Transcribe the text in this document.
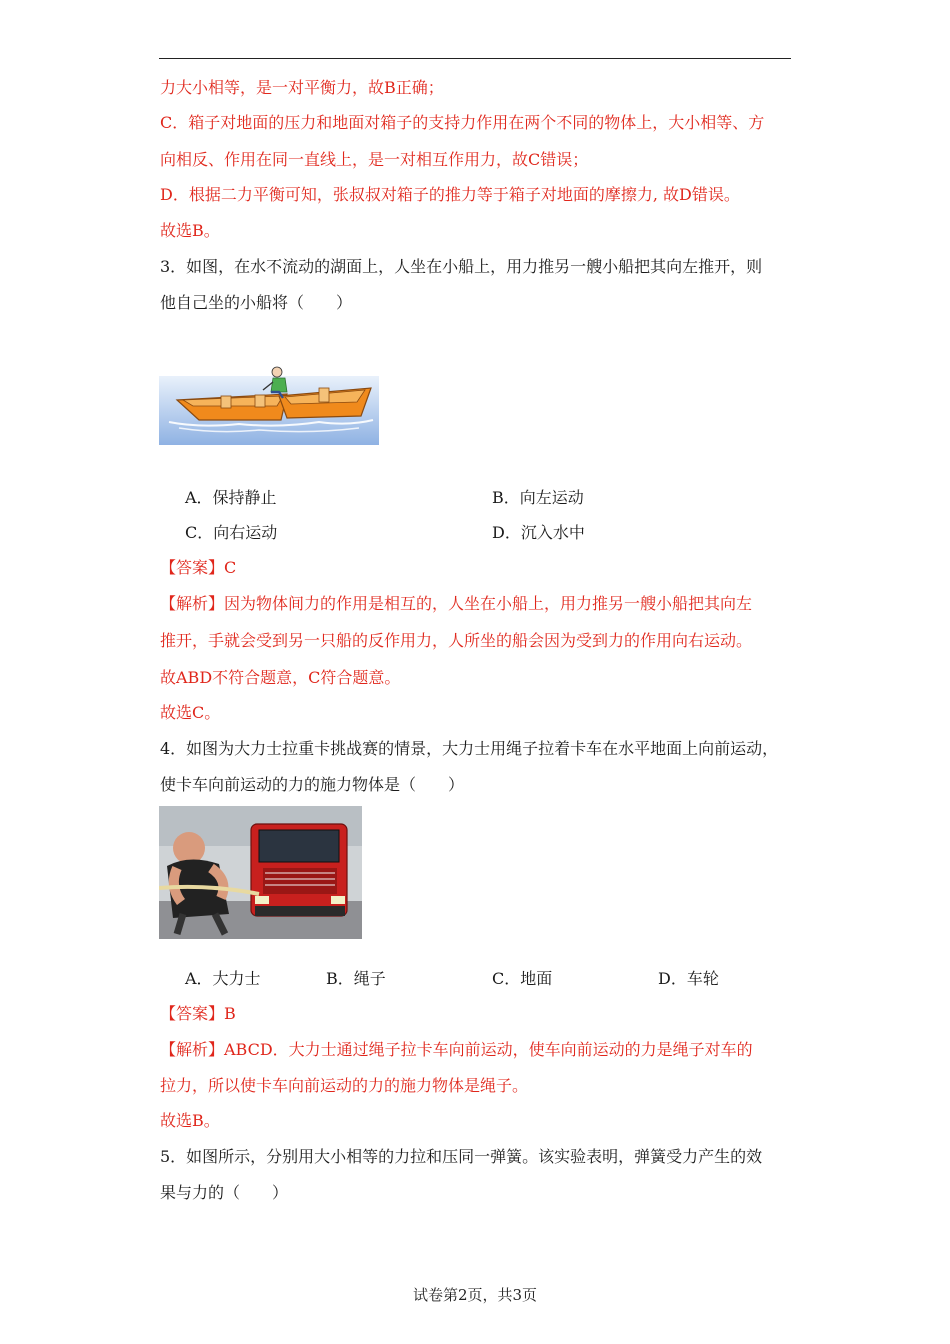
力大小相等，是一对平衡力，故B正确；
C．箱子对地面的压力和地面对箱子的支持力作用在两个不同的物体上，大小相等、方
向相反、作用在同一直线上，是一对相互作用力，故C错误；
D．根据二力平衡可知，张叔叔对箱子的推力等于箱子对地面的摩擦力, 故D错误。
故选B。
3．如图，在水不流动的湖面上，人坐在小船上，用力推另一艘小船把其向左推开，则
他自己坐的小船将（　　）
A．保持静止	B．向左运动
C．向右运动	D．沉入水中
【答案】C
【解析】因为物体间力的作用是相互的，人坐在小船上，用力推另一艘小船把其向左
推开，手就会受到另一只船的反作用力，人所坐的船会因为受到力的作用向右运动。
故ABD不符合题意，C符合题意。
故选C。
4．如图为大力士拉重卡挑战赛的情景，大力士用绳子拉着卡车在水平地面上向前运动，
使卡车向前运动的力的施力物体是（　　）
A．大力士	B．绳子	C．地面	D．车轮
【答案】B
【解析】ABCD．大力士通过绳子拉卡车向前运动，使车向前运动的力是绳子对车的
拉力，所以使卡车向前运动的力的施力物体是绳子。
故选B。
5．如图所示，分别用大小相等的力拉和压同一弹簧。该实验表明，弹簧受力产生的效
果与力的（　　）
试卷第2页，共3页
